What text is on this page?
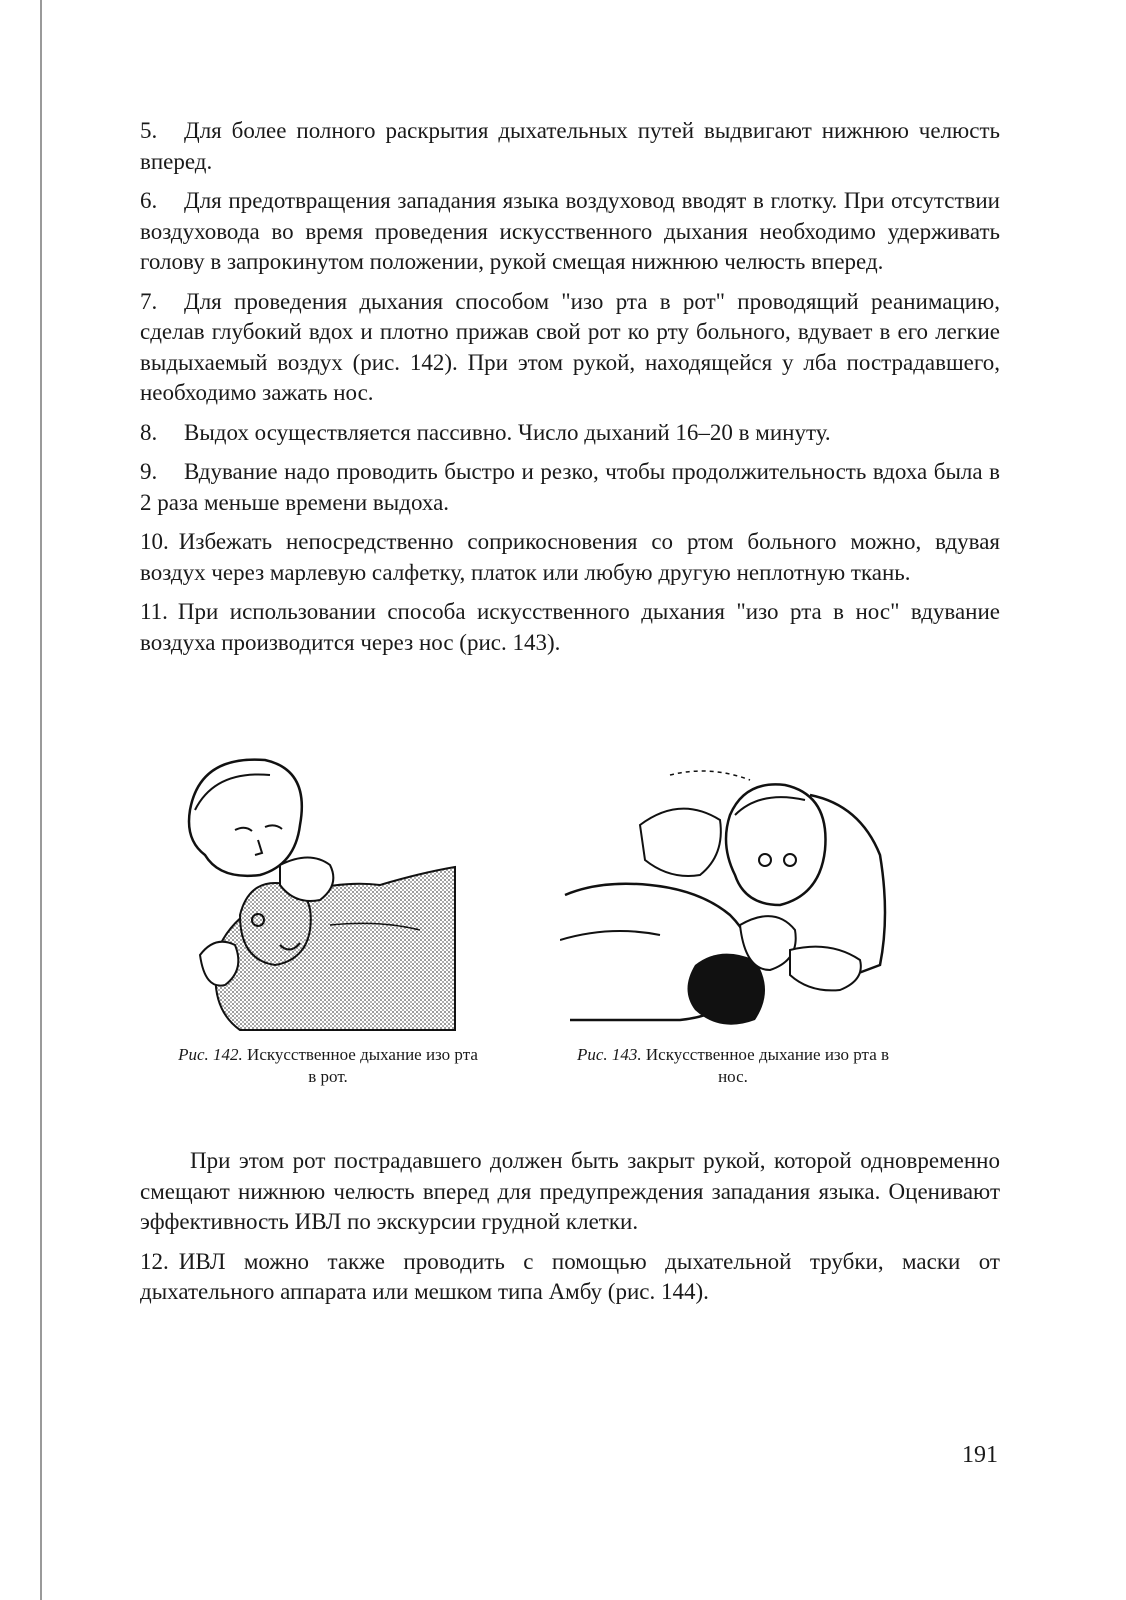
5. Для более полного раскрытия дыхательных путей выдвигают нижнюю челюсть вперед.

6. Для предотвращения западания языка воздуховод вводят в глотку. При отсутствии воздуховода во время проведения искусственного дыхания необходимо удерживать голову в запрокинутом положении, рукой смещая нижнюю челюсть вперед.

7. Для проведения дыхания способом "изо рта в рот" проводящий реанимацию, сделав глубокий вдох и плотно прижав свой рот ко рту больного, вдувает в его легкие выдыхаемый воздух (рис. 142). При этом рукой, находящейся у лба пострадавшего, необходимо зажать нос.

8. Выдох осуществляется пассивно. Число дыханий 16–20 в минуту.

9. Вдувание надо проводить быстро и резко, чтобы продолжительность вдоха была в 2 раза меньше времени выдоха.

10. Избежать непосредственно соприкосновения со ртом больного можно, вдувая воздух через марлевую салфетку, платок или любую другую неплотную ткань.

11. При использовании способа искусственного дыхания "изо рта в нос" вдувание воздуха производится через нос (рис. 143).

Рис. 142. Искусственное дыхание изо рта в рот.
Рис. 143. Искусственное дыхание изо рта в нос.

При этом рот пострадавшего должен быть закрыт рукой, которой одновременно смещают нижнюю челюсть вперед для предупреждения западания языка. Оценивают эффективность ИВЛ по экскурсии грудной клетки.

12. ИВЛ можно также проводить с помощью дыхательной трубки, маски от дыхательного аппарата или мешком типа Амбу (рис. 144).

191
